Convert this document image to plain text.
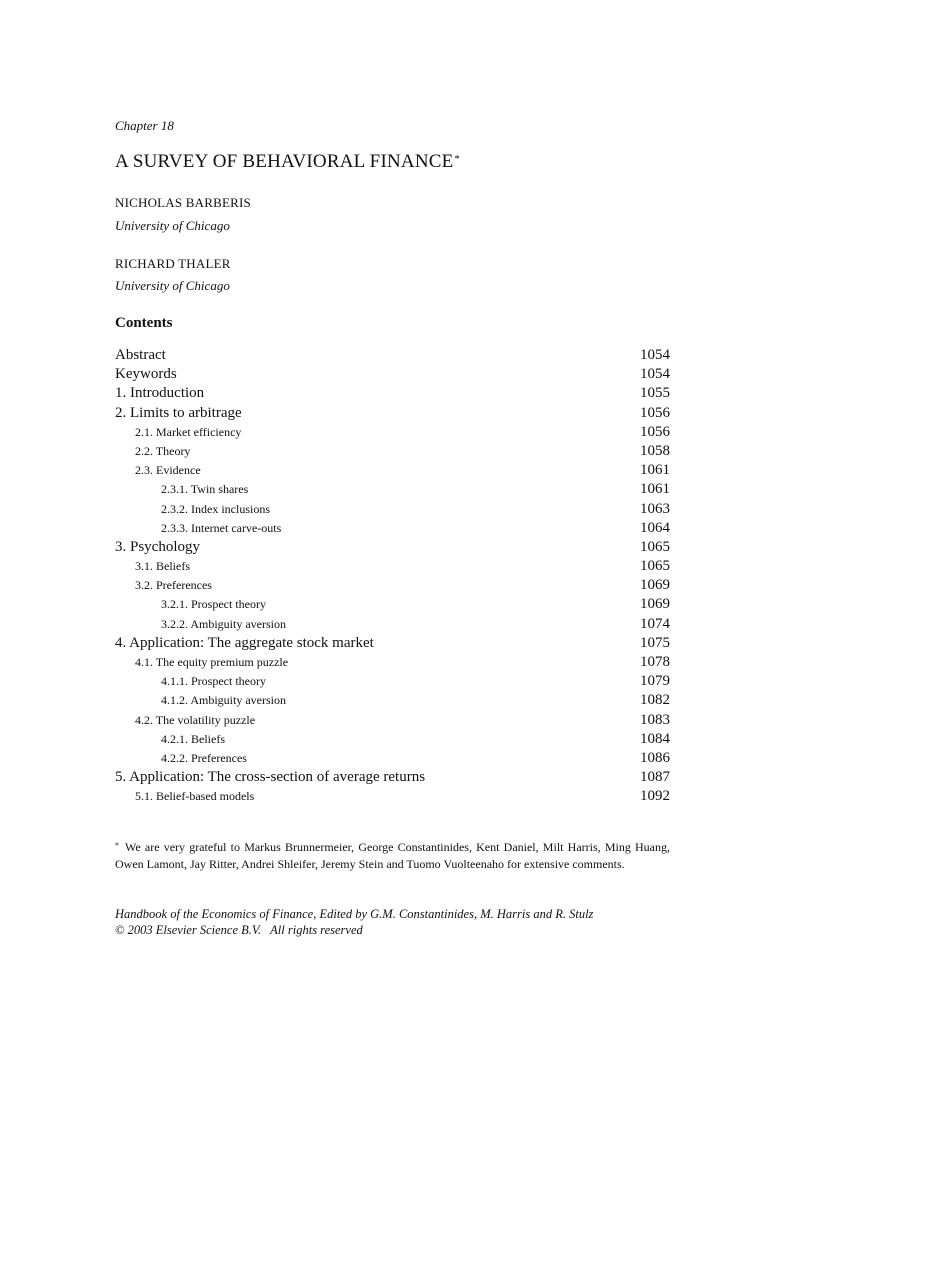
Chapter 18
A SURVEY OF BEHAVIORAL FINANCE*
NICHOLAS BARBERIS
University of Chicago
RICHARD THALER
University of Chicago
Contents
Abstract	1054
Keywords	1054
1. Introduction	1055
2. Limits to arbitrage	1056
2.1. Market efficiency	1056
2.2. Theory	1058
2.3. Evidence	1061
2.3.1. Twin shares	1061
2.3.2. Index inclusions	1063
2.3.3. Internet carve-outs	1064
3. Psychology	1065
3.1. Beliefs	1065
3.2. Preferences	1069
3.2.1. Prospect theory	1069
3.2.2. Ambiguity aversion	1074
4. Application: The aggregate stock market	1075
4.1. The equity premium puzzle	1078
4.1.1. Prospect theory	1079
4.1.2. Ambiguity aversion	1082
4.2. The volatility puzzle	1083
4.2.1. Beliefs	1084
4.2.2. Preferences	1086
5. Application: The cross-section of average returns	1087
5.1. Belief-based models	1092
* We are very grateful to Markus Brunnermeier, George Constantinides, Kent Daniel, Milt Harris, Ming Huang, Owen Lamont, Jay Ritter, Andrei Shleifer, Jeremy Stein and Tuomo Vuolteenaho for extensive comments.
Handbook of the Economics of Finance, Edited by G.M. Constantinides, M. Harris and R. Stulz
© 2003 Elsevier Science B.V.   All rights reserved
